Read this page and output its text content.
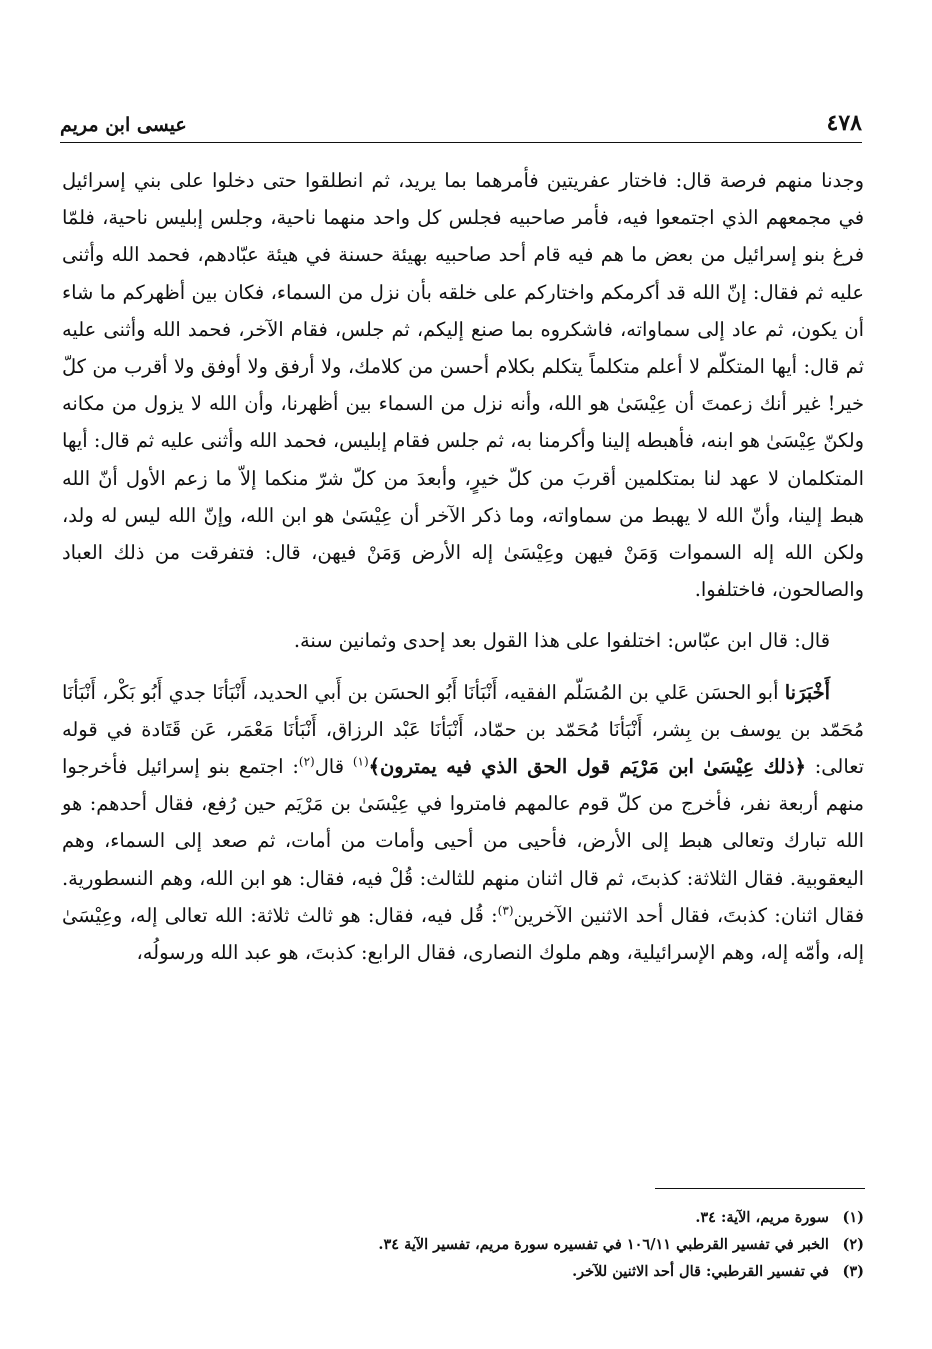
٤٧٨
عيسى ابن مريم

وجدنا منهم فرصة قال: فاختار عفريتين فأمرهما بما يريد، ثم انطلقوا حتى دخلوا على بني إسرائيل في مجمعهم الذي اجتمعوا فيه، فأمر صاحبيه فجلس كل واحد منهما ناحية، وجلس إبليس ناحية، فلمّا فرغ بنو إسرائيل من بعض ما هم فيه قام أحد صاحبيه بهيئة حسنة في هيئة عبّادهم، فحمد الله وأثنى عليه ثم فقال: إنّ الله قد أكرمكم واختاركم على خلقه بأن نزل من السماء، فكان بين أظهركم ما شاء أن يكون، ثم عاد إلى سماواته، فاشكروه بما صنع إليكم، ثم جلس، فقام الآخر، فحمد الله وأثنى عليه ثم قال: أيها المتكلّم لا أعلم متكلماً يتكلم بكلام أحسن من كلامك، ولا أرفق ولا أوفق ولا أقرب من كلّ خير! غير أنك زعمتَ أن عِيْسَىٰ هو الله، وأنه نزل من السماء بين أظهرنا، وأن الله لا يزول من مكانه ولكنّ عِيْسَىٰ هو ابنه، فأهبطه إلينا وأكرمنا به، ثم جلس فقام إبليس، فحمد الله وأثنى عليه ثم قال: أيها المتكلمان لا عهد لنا بمتكلمين أقربَ من كلّ خيرٍ، وأبعدَ من كلّ شرّ منكما إلاّ ما زعم الأول أنّ الله هبط إلينا، وأنّ الله لا يهبط من سماواته، وما ذكر الآخر أن عِيْسَىٰ هو ابن الله، وإنّ الله ليس له ولد، ولكن الله إله السموات وَمَنْ فيهن وعِيْسَىٰ إله الأرض وَمَنْ فيهن، قال: فتفرقت من ذلك العباد والصالحون، فاختلفوا.

قال: قال ابن عبّاس: اختلفوا على هذا القول بعد إحدى وثمانين سنة.

أَخْبَرَنا أبو الحسَن عَلي بن المُسَلّم الفقيه، أَنْبَأنَا أَبُو الحسَن بن أَبي الحديد، أَنْبَأنَا جدي أَبُو بَكْر، أَنْبَأنَا مُحَمّد بن يوسف بن بِشر، أَنْبَأنَا مُحَمّد بن حمّاد، أَنْبَأنَا عَبْد الرزاق، أَنْبَأنَا مَعْمَر، عَن قَتَادة في قوله تعالى: ﴿ذلك عِيْسَىٰ ابن مَرْيَم قول الحق الذي فيه يمترون﴾$^{(١)}$ قال$^{(٢)}$: اجتمع بنو إسرائيل فأخرجوا منهم أربعة نفر، فأخرج من كلّ قوم عالمهم فامتروا في عِيْسَىٰ بن مَرْيَم حين رُفع، فقال أحدهم: هو الله تبارك وتعالى هبط إلى الأرض، فأحيى من أحيى وأمات من أمات، ثم صعد إلى السماء، وهم اليعقوبية. فقال الثلاثة: كذبتَ، ثم قال اثنان منهم للثالث: قُلْ فيه، فقال: هو ابن الله، وهم النسطورية. فقال اثنان: كذبتَ، فقال أحد الاثنين الآخرين$^{(٣)}$: قُل فيه، فقال: هو ثالث ثلاثة: الله تعالى إله، وعِيْسَىٰ إله، وأمّه إله، وهم الإسرائيلية، وهم ملوك النصارى، فقال الرابع: كذبتَ، هو عبد الله ورسولُه،

(١) سورة مريم، الآية: ٣٤.
(٢) الخبر في تفسير القرطبي ١٠٦/١١ في تفسيره سورة مريم، تفسير الآية ٣٤.
(٣) في تفسير القرطبي: قال أحد الاثنين للآخر.
